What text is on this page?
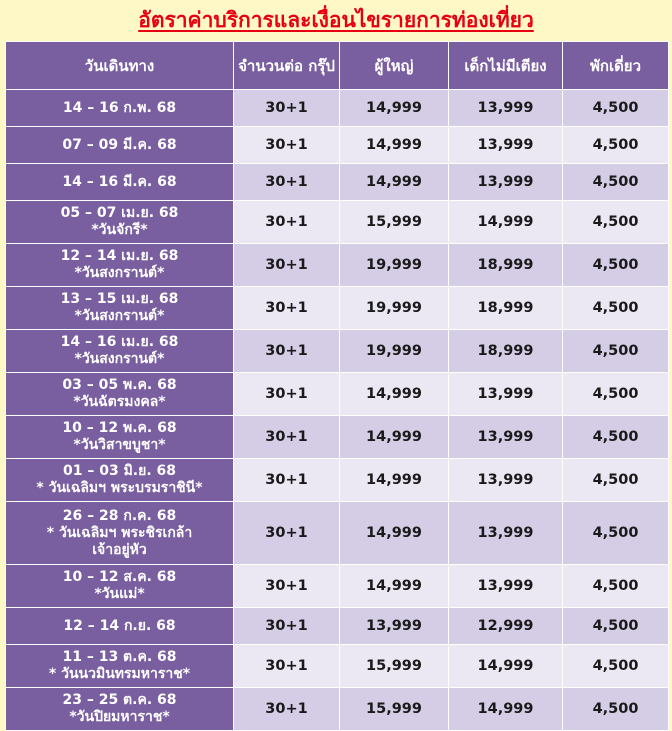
อัตราค่าบริการและเงื่อนไขรายการท่องเที่ยว
วันเดินทาง	จำนวนต่อ กรุ๊ป	ผู้ใหญ่	เด็กไม่มีเตียง	พักเดี่ยว

14 – 16 ก.พ. 68	30+1	14,999	13,999	4,500

07 – 09 มี.ค. 68	30+1	14,999	13,999	4,500

14 – 16 มี.ค. 68	30+1	14,999	13,999	4,500

05 – 07 เม.ย. 68
*วันจักรี*	30+1	15,999	14,999	4,500

12 – 14 เม.ย. 68
*วันสงกรานต์*	30+1	19,999	18,999	4,500

13 – 15 เม.ย. 68
*วันสงกรานต์*	30+1	19,999	18,999	4,500

14 – 16 เม.ย. 68
*วันสงกรานต์*	30+1	19,999	18,999	4,500

03 – 05 พ.ค. 68
*วันฉัตรมงคล*	30+1	14,999	13,999	4,500

10 – 12 พ.ค. 68
*วันวิสาขบูชา*	30+1	14,999	13,999	4,500

01 – 03 มิ.ย. 68
* วันเฉลิมฯ พระบรมราชินี*	30+1	14,999	13,999	4,500

26 – 28 ก.ค. 68
* วันเฉลิมฯ พระชิรเกล้า
เจ้าอยู่หัว	30+1	14,999	13,999	4,500

10 – 12 ส.ค. 68
*วันแม่*	30+1	14,999	13,999	4,500

12 – 14 ก.ย. 68	30+1	13,999	12,999	4,500

11 – 13 ต.ค. 68
* วันนวมินทรมหาราช*	30+1	15,999	14,999	4,500

23 – 25 ต.ค. 68
*วันปิยมหาราช*	30+1	15,999	14,999	4,500
